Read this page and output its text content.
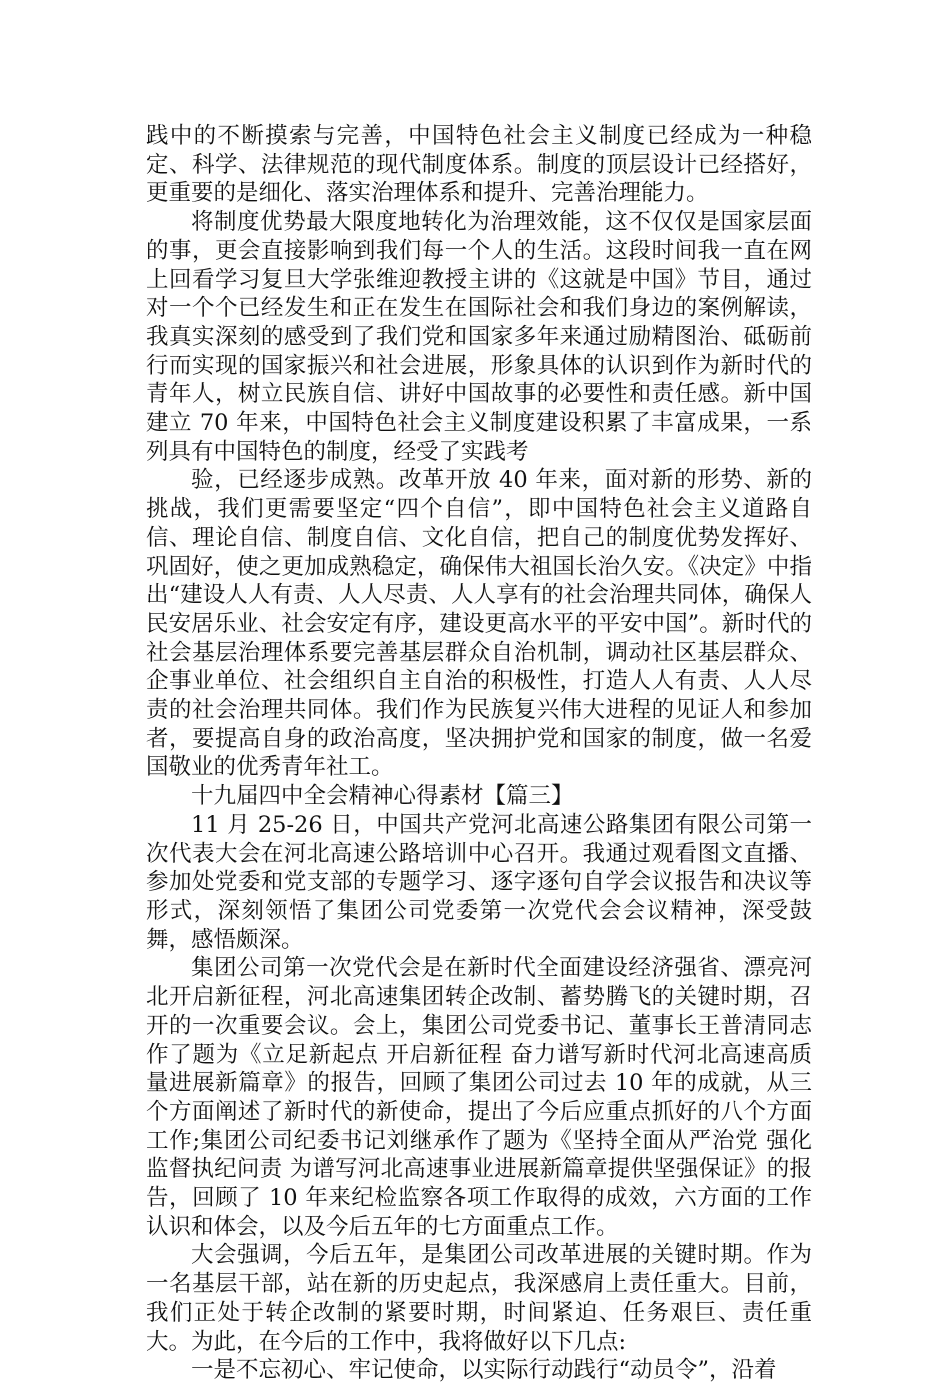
践中的不断摸索与完善，中国特色社会主义制度已经成为一种稳定、科学、法律规范的现代制度体系。制度的顶层设计已经搭好，更重要的是细化、落实治理体系和提升、完善治理能力。

将制度优势最大限度地转化为治理效能，这不仅仅是国家层面的事，更会直接影响到我们每一个人的生活。这段时间我一直在网上回看学习复旦大学张维迎教授主讲的《这就是中国》节目，通过对一个个已经发生和正在发生在国际社会和我们身边的案例解读，我真实深刻的感受到了我们党和国家多年来通过励精图治、砥砺前行而实现的国家振兴和社会进展，形象具体的认识到作为新时代的青年人，树立民族自信、讲好中国故事的必要性和责任感。新中国建立 70 年来，中国特色社会主义制度建设积累了丰富成果，一系列具有中国特色的制度，经受了实践考

验，已经逐步成熟。改革开放 40 年来，面对新的形势、新的挑战，我们更需要坚定“四个自信”，即中国特色社会主义道路自信、理论自信、制度自信、文化自信，把自己的制度优势发挥好、巩固好，使之更加成熟稳定，确保伟大祖国长治久安。《决定》中指出“建设人人有责、人人尽责、人人享有的社会治理共同体，确保人民安居乐业、社会安定有序，建设更高水平的平安中国”。新时代的社会基层治理体系要完善基层群众自治机制，调动社区基层群众、企事业单位、社会组织自主自治的积极性，打造人人有责、人人尽责的社会治理共同体。我们作为民族复兴伟大进程的见证人和参加者，要提高自身的政治高度，坚决拥护党和国家的制度，做一名爱国敬业的优秀青年社工。

十九届四中全会精神心得素材【篇三】

11 月 25-26 日，中国共产党河北高速公路集团有限公司第一次代表大会在河北高速公路培训中心召开。我通过观看图文直播、参加处党委和党支部的专题学习、逐字逐句自学会议报告和决议等形式，深刻领悟了集团公司党委第一次党代会会议精神，深受鼓舞，感悟颇深。

集团公司第一次党代会是在新时代全面建设经济强省、漂亮河北开启新征程，河北高速集团转企改制、蓄势腾飞的关键时期，召开的一次重要会议。会上，集团公司党委书记、董事长王普清同志作了题为《立足新起点 开启新征程 奋力谱写新时代河北高速高质量进展新篇章》的报告，回顾了集团公司过去 10 年的成就，从三个方面阐述了新时代的新使命，提出了今后应重点抓好的八个方面工作;集团公司纪委书记刘继承作了题为《坚持全面从严治党 强化监督执纪问责 为谱写河北高速事业进展新篇章提供坚强保证》的报告，回顾了 10 年来纪检监察各项工作取得的成效，六方面的工作认识和体会，以及今后五年的七方面重点工作。

大会强调，今后五年，是集团公司改革进展的关键时期。作为一名基层干部，站在新的历史起点，我深感肩上责任重大。目前，我们正处于转企改制的紧要时期，时间紧迫、任务艰巨、责任重大。为此，在今后的工作中，我将做好以下几点:

一是不忘初心、牢记使命，以实际行动践行“动员令”，沿着
